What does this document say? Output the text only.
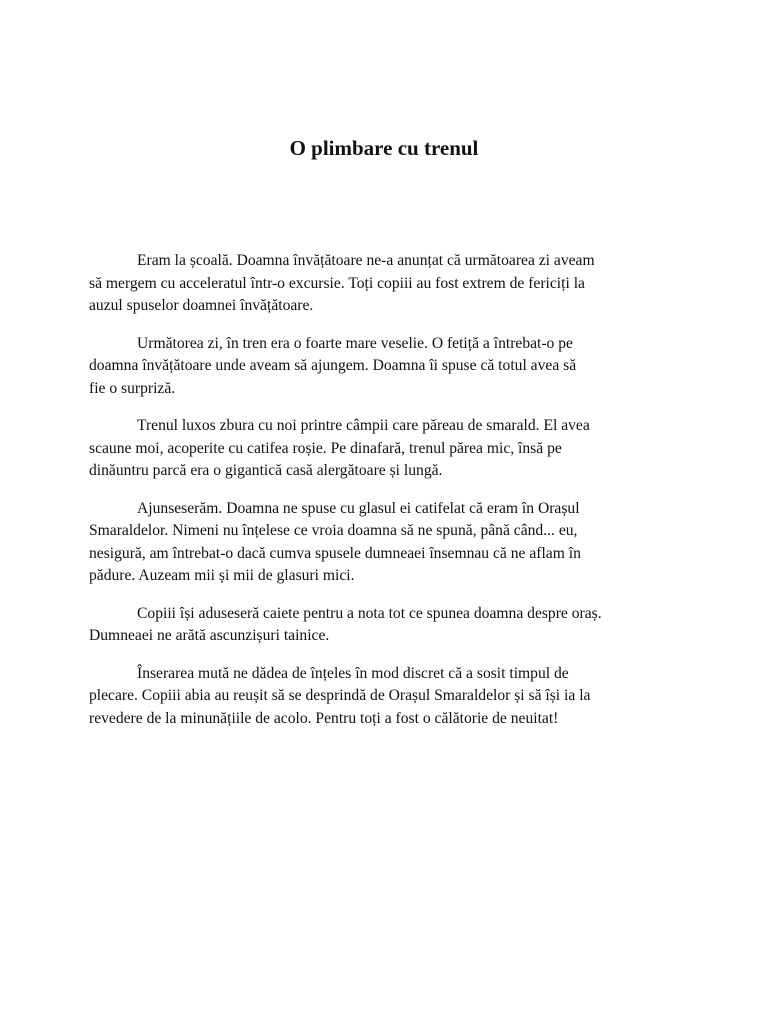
O plimbare cu trenul

Eram la școală. Doamna învățătoare ne-a anunțat că următoarea zi aveam
să mergem cu acceleratul într-o excursie. Toți copiii au fost extrem de fericiți la
auzul spuselor doamnei învățătoare.

Următorea zi, în tren era o foarte mare veselie. O fetiță a întrebat-o pe
doamna învățătoare unde aveam să ajungem. Doamna îi spuse că totul avea să
fie o surpriză.

Trenul luxos zbura cu noi printre câmpii care păreau de smarald. El avea
scaune moi, acoperite cu catifea roșie. Pe dinafară, trenul părea mic, însă pe
dinăuntru parcă era o gigantică casă alergătoare și lungă.

Ajunseserăm. Doamna ne spuse cu glasul ei catifelat că eram în Orașul
Smaraldelor. Nimeni nu înțelese ce vroia doamna să ne spună, până când... eu,
nesigură, am întrebat-o dacă cumva spusele dumneaei însemnau că ne aflam în
pădure. Auzeam mii și mii de glasuri mici.

Copiii își aduseseră caiete pentru a nota tot ce spunea doamna despre oraș.
Dumneaei ne arătă ascunzișuri tainice.

Înserarea mută ne dădea de înțeles în mod discret că a sosit timpul de
plecare. Copiii abia au reușit să se desprindă de Orașul Smaraldelor și să își ia la
revedere de la minunățiile de acolo. Pentru toți a fost o călătorie de neuitat!
